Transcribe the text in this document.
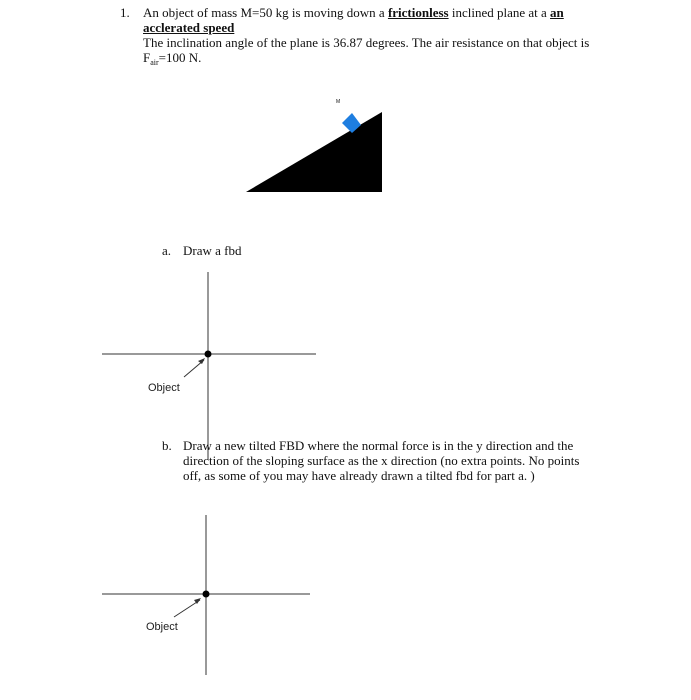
1. An object of mass M=50 kg is moving down a frictionless inclined plane at a an

acclerated speed

The inclination angle of the plane is 36.87 degrees. The air resistance on that object is $F_{air}=100$ N.

M
a. Draw a fbd
Object
b. Draw a new tilted FBD where the normal force is in the y direction and the direction of the sloping surface as the x direction (no extra points. No points off, as some of you may have already drawn a tilted fbd for part a. )
Object
